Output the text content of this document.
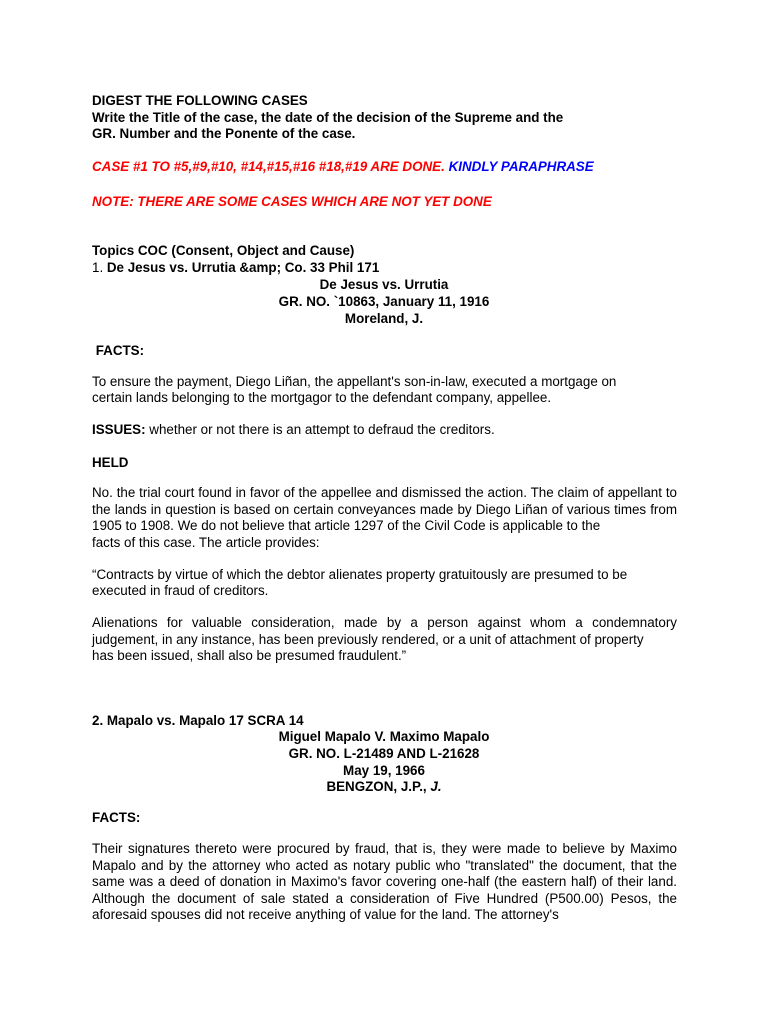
DIGEST THE FOLLOWING CASES
Write the Title of the case, the date of the decision of the Supreme and the
GR. Number and the Ponente of the case.
CASE #1 TO #5,#9,#10, #14,#15,#16 #18,#19 ARE DONE. KINDLY PARAPHRASE
NOTE: THERE ARE SOME CASES WHICH ARE NOT YET DONE
Topics COC (Consent, Object and Cause)
1. De Jesus vs. Urrutia &amp; Co. 33 Phil 171
De Jesus vs. Urrutia
GR. NO. `10863, January 11, 1916
Moreland, J.
FACTS:
To ensure the payment, Diego Liñan, the appellant's son-in-law, executed a mortgage on
certain lands belonging to the mortgagor to the defendant company, appellee.
ISSUES: whether or not there is an attempt to defraud the creditors.
HELD
No. the trial court found in favor of the appellee and dismissed the action. The claim of appellant to the lands in question is based on certain conveyances made by Diego Liñan of various times from 1905 to 1908. We do not believe that article 1297 of the Civil Code is applicable to the
facts of this case. The article provides:
“Contracts by virtue of which the debtor alienates property gratuitously are presumed to be
executed in fraud of creditors.
Alienations for valuable consideration, made by a person against whom a condemnatory judgement, in any instance, has been previously rendered, or a unit of attachment of property
has been issued, shall also be presumed fraudulent.”
2. Mapalo vs. Mapalo 17 SCRA 14
Miguel Mapalo V. Maximo Mapalo
GR. NO. L-21489 AND L-21628
May 19, 1966
BENGZON, J.P., J.
FACTS:
Their signatures thereto were procured by fraud, that is, they were made to believe by Maximo Mapalo and by the attorney who acted as notary public who "translated" the document, that the same was a deed of donation in Maximo's favor covering one-half (the eastern half) of their land. Although the document of sale stated a consideration of Five Hundred (P500.00) Pesos, the aforesaid spouses did not receive anything of value for the land. The attorney's
